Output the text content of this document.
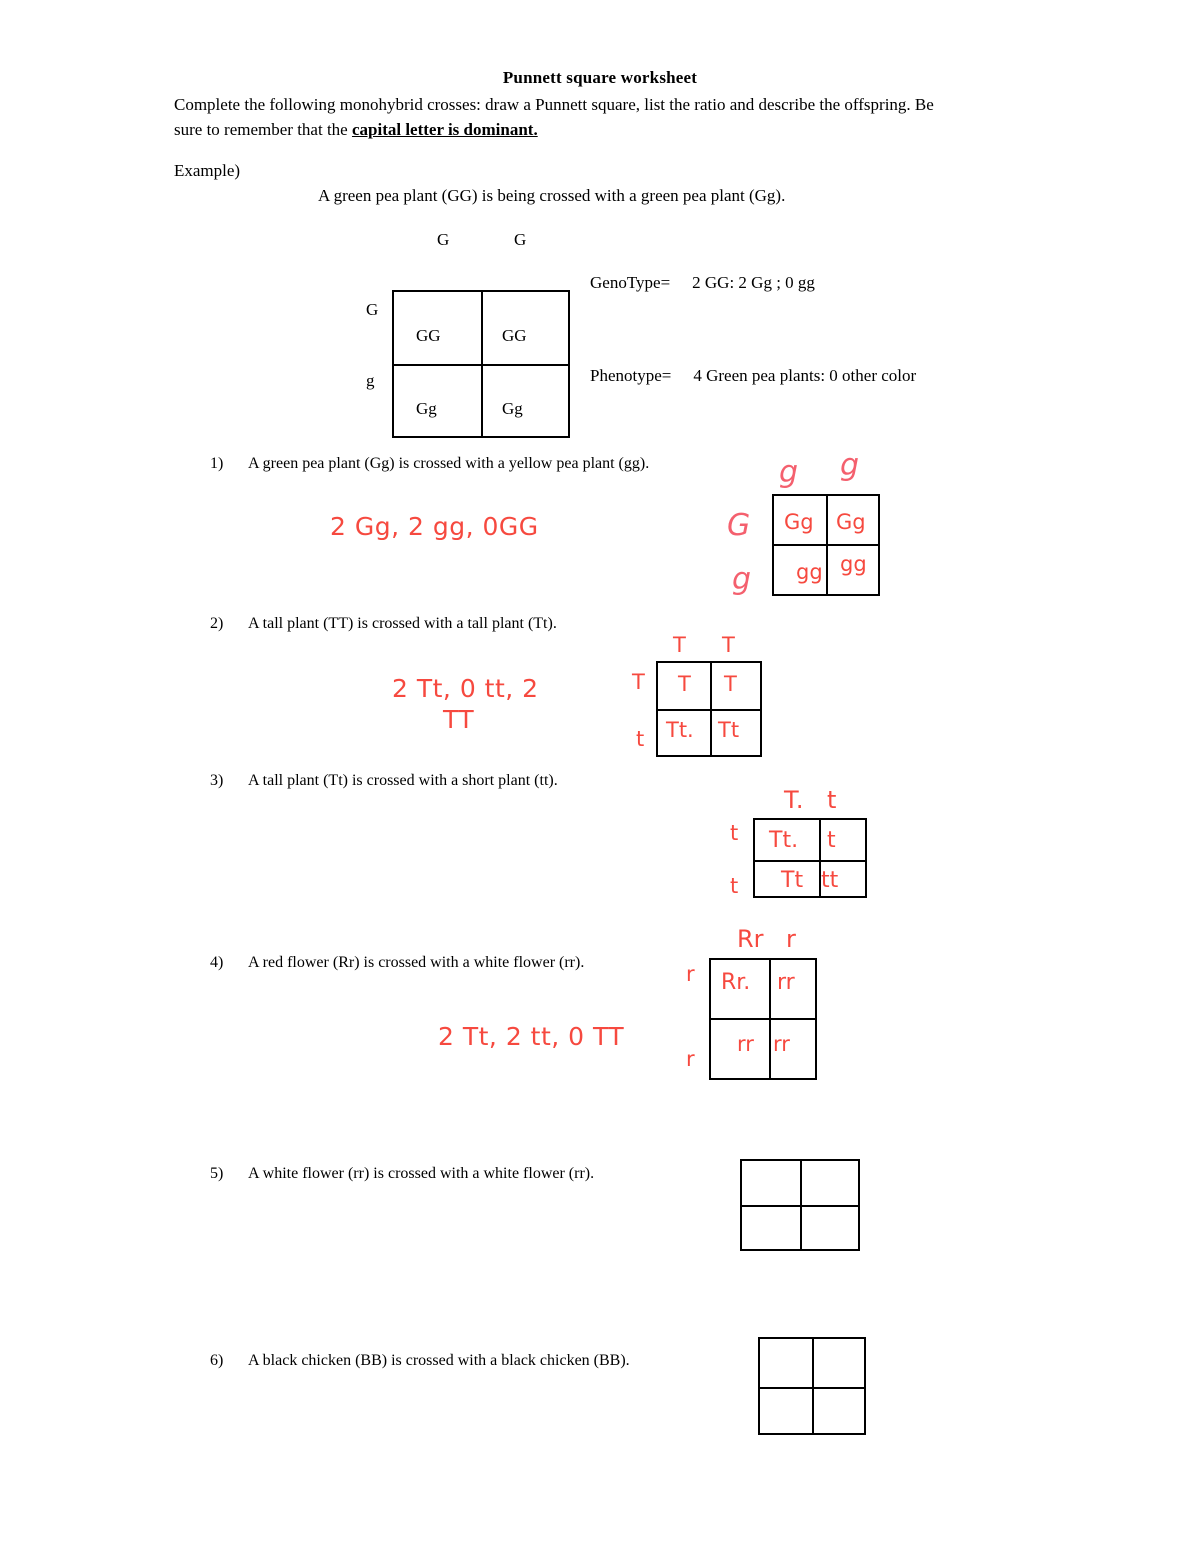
Punnett square worksheet
Complete the following monohybrid crosses: draw a Punnett square, list the ratio and describe the offspring. Be sure to remember that the capital letter is dominant.
Example)
A green pea plant (GG) is being crossed with a green pea plant (Gg).
G	G
G
g
GG	GG
Gg	Gg
GenoType= 2 GG: 2 Gg ; 0 gg
Phenotype= 4 Green pea plants: 0 other color
1) A green pea plant (Gg) is crossed with a yellow pea plant (gg).
2 Gg, 2 gg, 0GG
g g
G
g
Gg Gg
gg gg
2) A tall plant (TT) is crossed with a tall plant (Tt).
2 Tt, 0 tt, 2
TT
T T
T
t
T T
Tt. Tt
3) A tall plant (Tt) is crossed with a short plant (tt).
T. t
t
t
Tt. t
Tt tt
4) A red flower (Rr) is crossed with a white flower (rr).
2 Tt, 2 tt, 0 TT
Rr r
r
r
Rr. rr
rr rr
5) A white flower (rr) is crossed with a white flower (rr).
6) A black chicken (BB) is crossed with a black chicken (BB).
